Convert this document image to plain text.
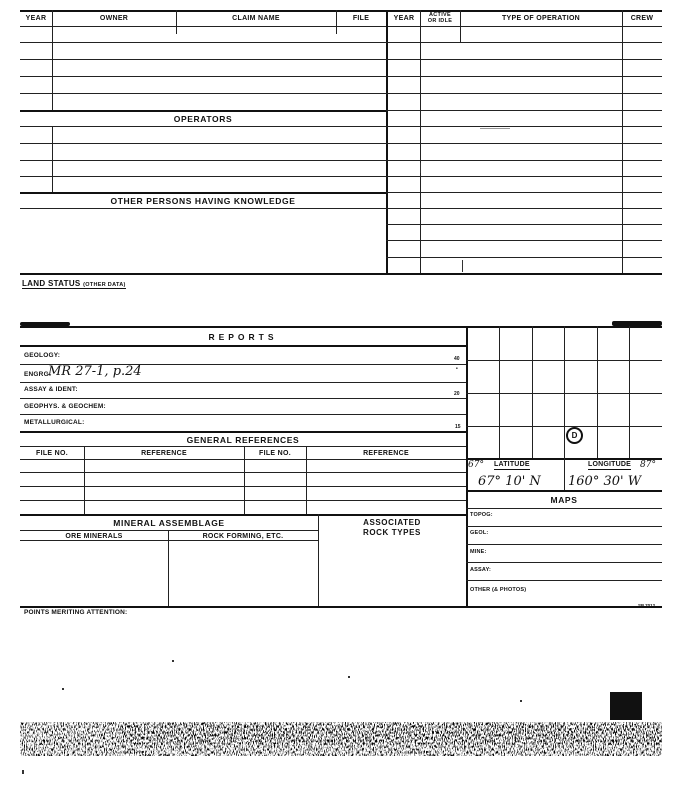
YEAR	OWNER	CLAIM NAME	FILE	YEAR	ACTIVE
OR IDLE	TYPE OF OPERATION	CREW
OPERATORS
OTHER PERSONS HAVING KNOWLEDGE
LAND STATUS (OTHER DATA)
REPORTS
GEOLOGY:	40
ENGRG:
MR 27-1, p.24	•
ASSAY & IDENT:
20
GEOPHYS. & GEOCHEM:
METALLURGICAL:
15
GENERAL REFERENCES
FILE NO.	REFERENCE	FILE NO.	REFERENCE
MINERAL ASSEMBLAGE
ORE MINERALS	ROCK FORMING, ETC.
ASSOCIATED
ROCK TYPES
D
67° LATITUDE	LONGITUDE 87°
67° 10' N 160° 30' W
MAPS
TOPOG:
GEOL:
MINE:
ASSAY:
OTHER (& PHOTOS)
POINTS MERITING ATTENTION:
SP 7012
